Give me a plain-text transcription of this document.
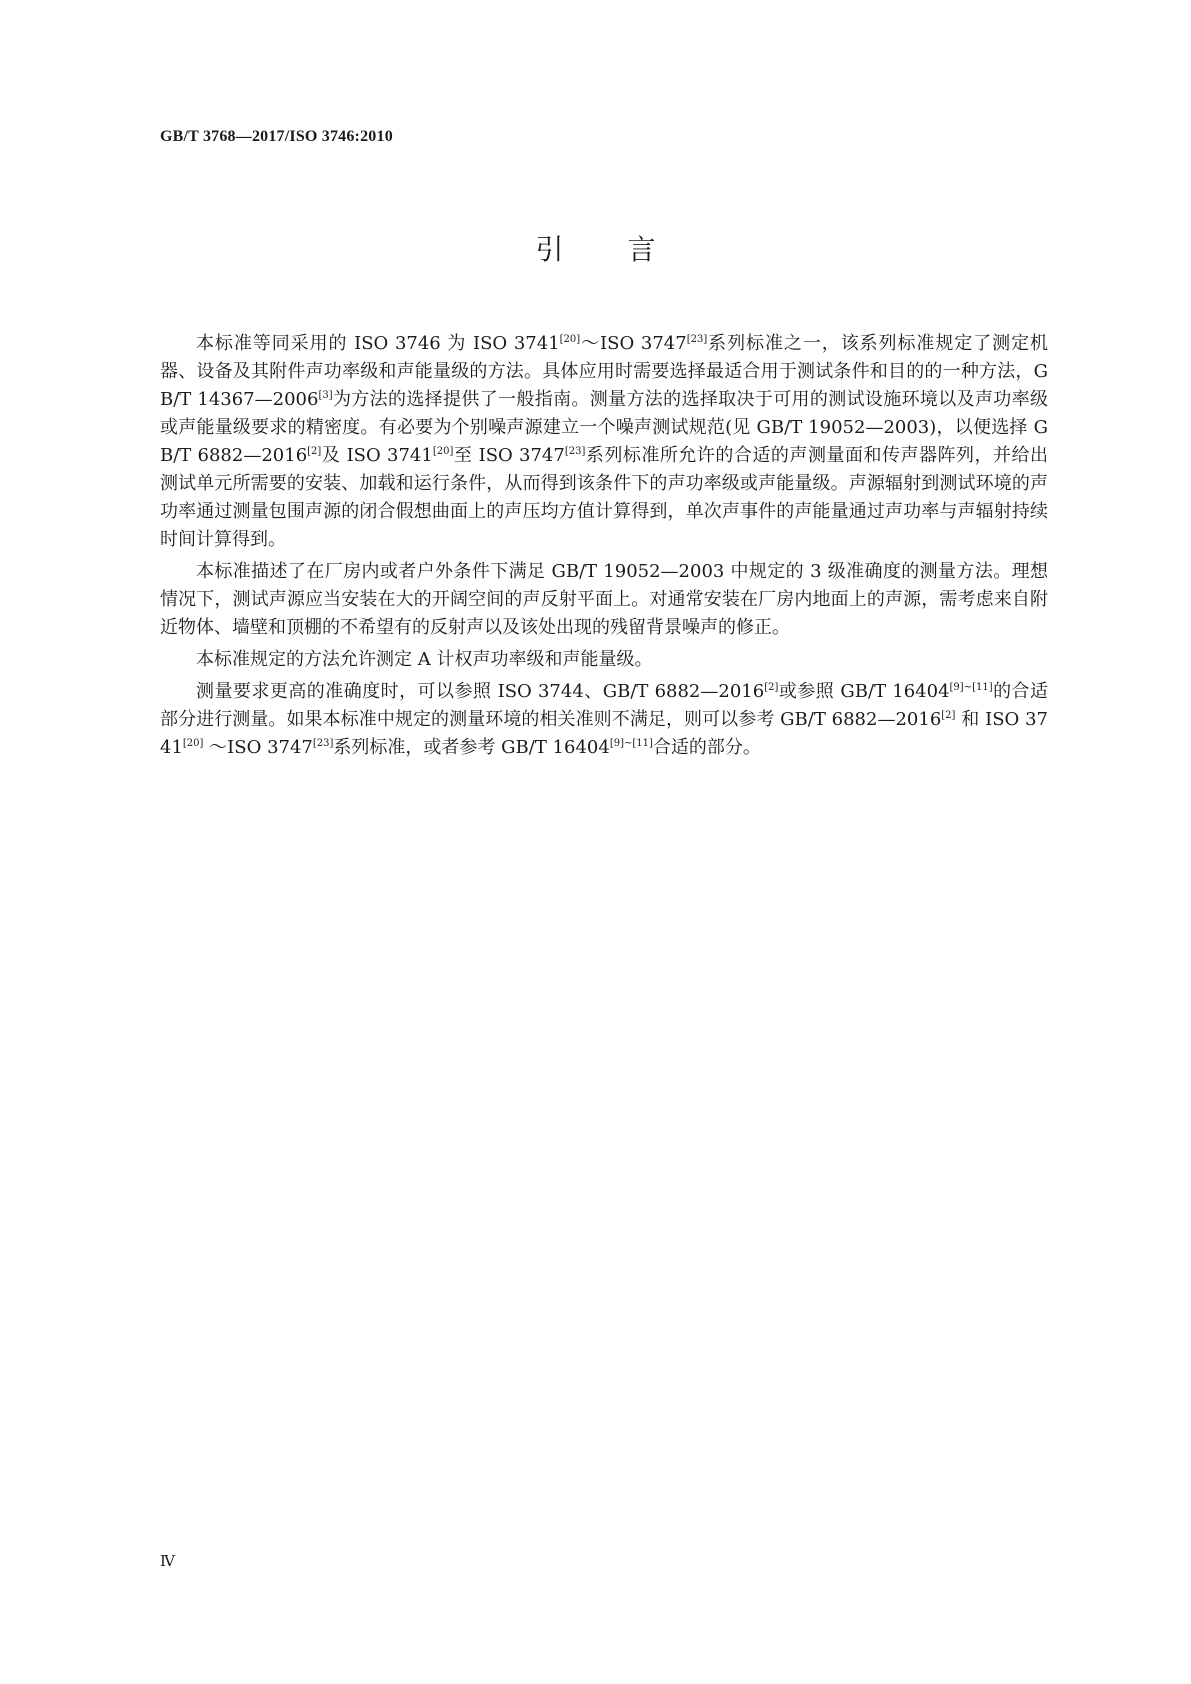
GB/T 3768—2017/ISO 3746:2010
引言

本标准等同采用的 ISO 3746 为 ISO 3741[20]～ISO 3747[23]系列标准之一，该系列标准规定了测定机器、设备及其附件声功率级和声能量级的方法。具体应用时需要选择最适合用于测试条件和目的的一种方法，GB/T 14367—2006[3]为方法的选择提供了一般指南。测量方法的选择取决于可用的测试设施环境以及声功率级或声能量级要求的精密度。有必要为个别噪声源建立一个噪声测试规范(见 GB/T 19052—2003)，以便选择 GB/T 6882—2016[2]及 ISO 3741[20]至 ISO 3747[23]系列标准所允许的合适的声测量面和传声器阵列，并给出测试单元所需要的安装、加载和运行条件，从而得到该条件下的声功率级或声能量级。声源辐射到测试环境的声功率通过测量包围声源的闭合假想曲面上的声压均方值计算得到，单次声事件的声能量通过声功率与声辐射持续时间计算得到。

本标准描述了在厂房内或者户外条件下满足 GB/T 19052—2003 中规定的 3 级准确度的测量方法。理想情况下，测试声源应当安装在大的开阔空间的声反射平面上。对通常安装在厂房内地面上的声源，需考虑来自附近物体、墙壁和顶棚的不希望有的反射声以及该处出现的残留背景噪声的修正。

本标准规定的方法允许测定 A 计权声功率级和声能量级。

测量要求更高的准确度时，可以参照 ISO 3744、GB/T 6882—2016[2]或参照 GB/T 16404[9]~[11]的合适部分进行测量。如果本标准中规定的测量环境的相关准则不满足，则可以参考 GB/T 6882—2016[2] 和 ISO 3741[20] ～ISO 3747[23]系列标准，或者参考 GB/T 16404[9]~[11]合适的部分。

Ⅳ
